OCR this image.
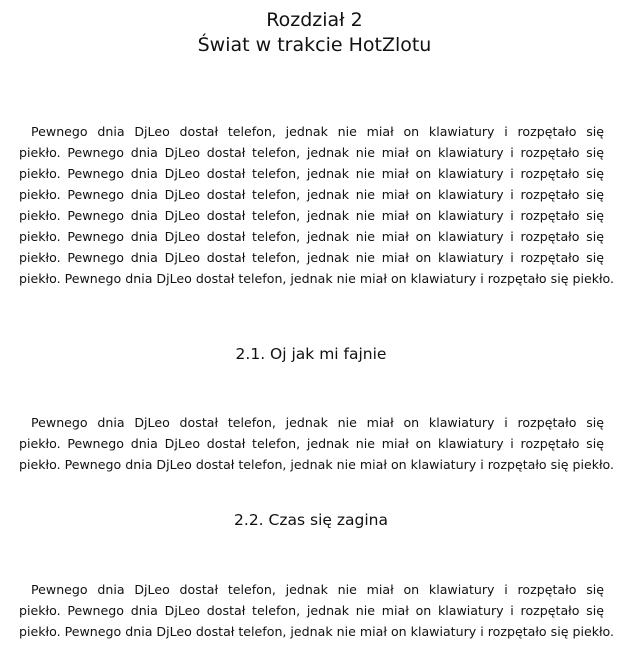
Rozdział 2
Świat w trakcie HotZlotu
Pewnego dnia DjLeo dostał telefon, jednak nie miał on klawiatury i rozpętało się
piekło. Pewnego dnia DjLeo dostał telefon, jednak nie miał on klawiatury i rozpętało się
piekło. Pewnego dnia DjLeo dostał telefon, jednak nie miał on klawiatury i rozpętało się
piekło. Pewnego dnia DjLeo dostał telefon, jednak nie miał on klawiatury i rozpętało się
piekło. Pewnego dnia DjLeo dostał telefon, jednak nie miał on klawiatury i rozpętało się
piekło. Pewnego dnia DjLeo dostał telefon, jednak nie miał on klawiatury i rozpętało się
piekło. Pewnego dnia DjLeo dostał telefon, jednak nie miał on klawiatury i rozpętało się
piekło. Pewnego dnia DjLeo dostał telefon, jednak nie miał on klawiatury i rozpętało się piekło.
2.1. Oj jak mi fajnie
Pewnego dnia DjLeo dostał telefon, jednak nie miał on klawiatury i rozpętało się
piekło. Pewnego dnia DjLeo dostał telefon, jednak nie miał on klawiatury i rozpętało się
piekło. Pewnego dnia DjLeo dostał telefon, jednak nie miał on klawiatury i rozpętało się piekło.
2.2. Czas się zagina
Pewnego dnia DjLeo dostał telefon, jednak nie miał on klawiatury i rozpętało się
piekło. Pewnego dnia DjLeo dostał telefon, jednak nie miał on klawiatury i rozpętało się
piekło. Pewnego dnia DjLeo dostał telefon, jednak nie miał on klawiatury i rozpętało się piekło.
